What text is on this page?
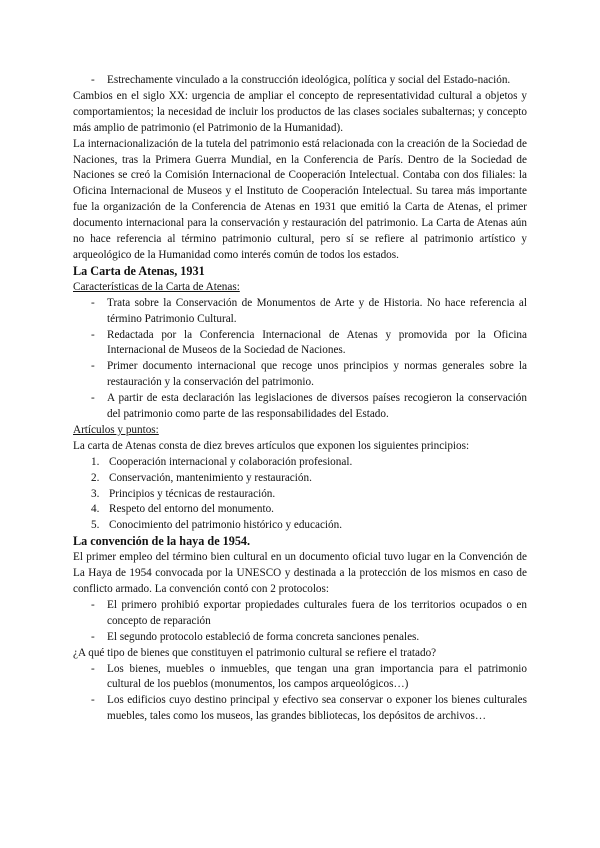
- Estrechamente vinculado a la construcción ideológica, política y social del Estado-nación.

Cambios en el siglo XX: urgencia de ampliar el concepto de representatividad cultural a objetos y comportamientos; la necesidad de incluir los productos de las clases sociales subalternas; y concepto más amplio de patrimonio (el Patrimonio de la Humanidad).

La internacionalización de la tutela del patrimonio está relacionada con la creación de la Sociedad de Naciones, tras la Primera Guerra Mundial, en la Conferencia de París. Dentro de la Sociedad de Naciones se creó la Comisión Internacional de Cooperación Intelectual. Contaba con dos filiales: la Oficina Internacional de Museos y el Instituto de Cooperación Intelectual. Su tarea más importante fue la organización de la Conferencia de Atenas en 1931 que emitió la Carta de Atenas, el primer documento internacional para la conservación y restauración del patrimonio. La Carta de Atenas aún no hace referencia al término patrimonio cultural, pero sí se refiere al patrimonio artístico y arqueológico de la Humanidad como interés común de todos los estados.

La Carta de Atenas, 1931
Características de la Carta de Atenas:
- Trata sobre la Conservación de Monumentos de Arte y de Historia. No hace referencia al término Patrimonio Cultural.
- Redactada por la Conferencia Internacional de Atenas y promovida por la Oficina Internacional de Museos de la Sociedad de Naciones.
- Primer documento internacional que recoge unos principios y normas generales sobre la restauración y la conservación del patrimonio.
- A partir de esta declaración las legislaciones de diversos países recogieron la conservación del patrimonio como parte de las responsabilidades del Estado.
Artículos y puntos:

La carta de Atenas consta de diez breves artículos que exponen los siguientes principios:

1. Cooperación internacional y colaboración profesional.
2. Conservación, mantenimiento y restauración.
3. Principios y técnicas de restauración.
4. Respeto del entorno del monumento.
5. Conocimiento del patrimonio histórico y educación.
La convención de la haya de 1954.

El primer empleo del término bien cultural en un documento oficial tuvo lugar en la Convención de La Haya de 1954 convocada por la UNESCO y destinada a la protección de los mismos en caso de conflicto armado. La convención contó con 2 protocolos:

- El primero prohibió exportar propiedades culturales fuera de los territorios ocupados o en concepto de reparación
- El segundo protocolo estableció de forma concreta sanciones penales.

¿A qué tipo de bienes que constituyen el patrimonio cultural se refiere el tratado?

- Los bienes, muebles o inmuebles, que tengan una gran importancia para el patrimonio cultural de los pueblos (monumentos, los campos arqueológicos…)
- Los edificios cuyo destino principal y efectivo sea conservar o exponer los bienes culturales muebles, tales como los museos, las grandes bibliotecas, los depósitos de archivos…
